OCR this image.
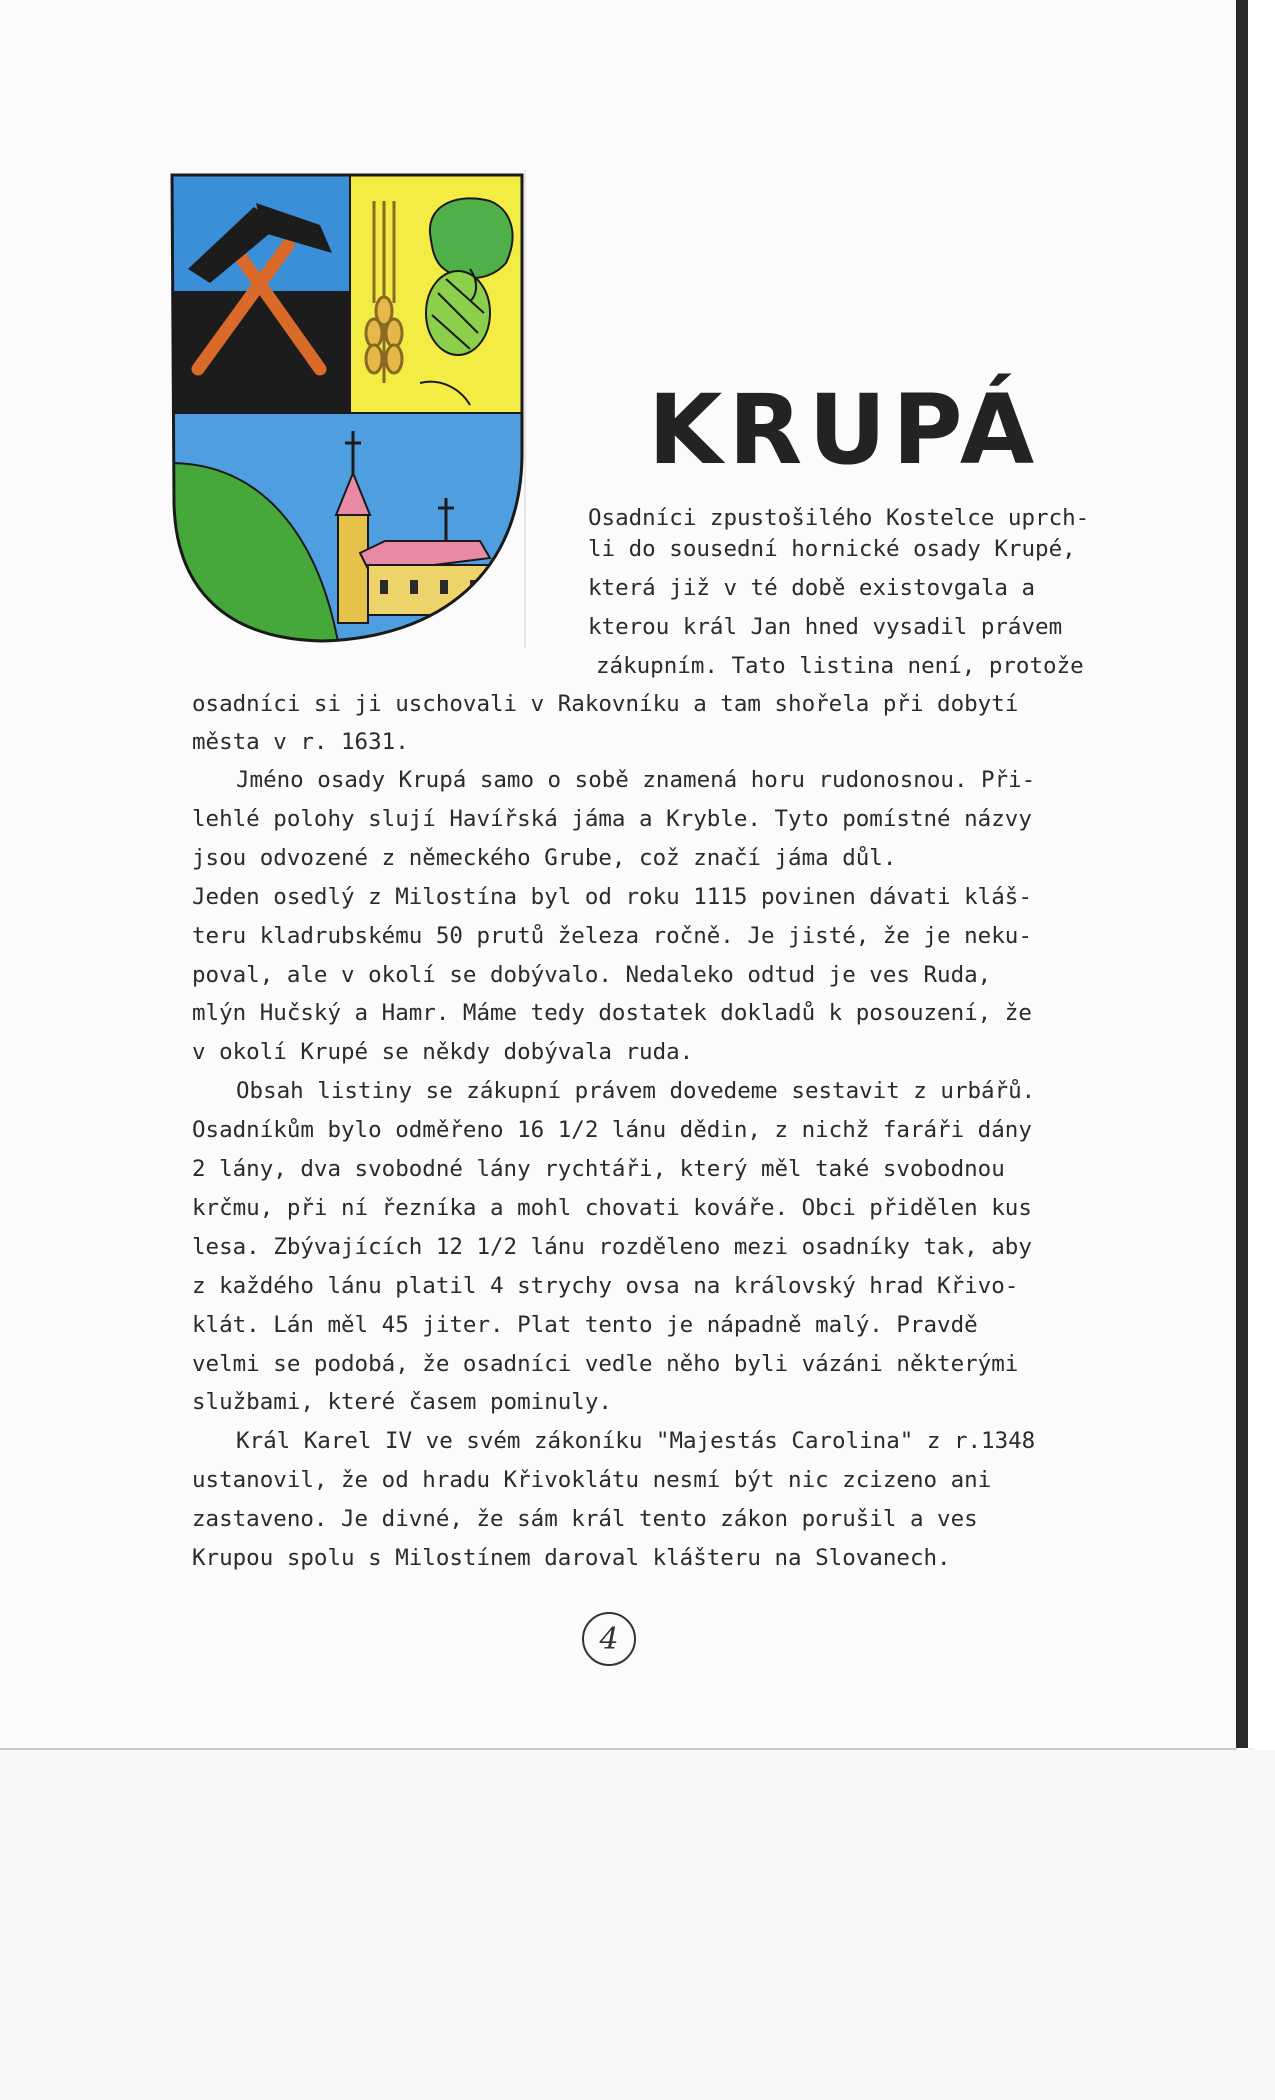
KRUPÁ

Osadníci zpustošilého Kostelce uprch-

li do sousední hornické osady Krupé,

která již v té době existovgala a

kterou král Jan hned vysadil právem

zákupním. Tato listina není, protože

osadníci si ji uschovali v Rakovníku a tam shořela při dobytí

města v r. 1631.

Jméno osady Krupá samo o sobě znamená horu rudonosnou. Při-

lehlé polohy slují Havířská jáma a Kryble. Tyto pomístné názvy

jsou odvozené z německého Grube, což značí jáma důl.

Jeden osedlý z Milostína byl od roku 1115 povinen dávati kláš-

teru kladrubskému 50 prutů železa ročně. Je jisté, že je neku-

poval, ale v okolí se dobývalo. Nedaleko odtud je ves Ruda,

mlýn Hučský a Hamr. Máme tedy dostatek dokladů k posouzení, že

v okolí Krupé se někdy dobývala ruda.

Obsah listiny se zákupní právem dovedeme sestavit z urbářů.

Osadníkům bylo odměřeno 16 1/2 lánu dědin, z nichž faráři dány

2 lány, dva svobodné lány rychtáři, který měl také svobodnou

krčmu, při ní řezníka a mohl chovati kováře. Obci přidělen kus

lesa. Zbývajících 12 1/2 lánu rozděleno mezi osadníky tak, aby

z každého lánu platil 4 strychy ovsa na královský hrad Křivo-

klát. Lán měl 45 jiter. Plat tento je nápadně malý. Pravdě

velmi se podobá, že osadníci vedle něho byli vázáni některými

službami, které časem pominuly.

Král Karel IV ve svém zákoníku "Majestás Carolina" z r.1348

ustanovil, že od hradu Křivoklátu nesmí být nic zcizeno ani

zastaveno. Je divné, že sám král tento zákon porušil a ves

Krupou spolu s Milostínem daroval klášteru na Slovanech.

4
